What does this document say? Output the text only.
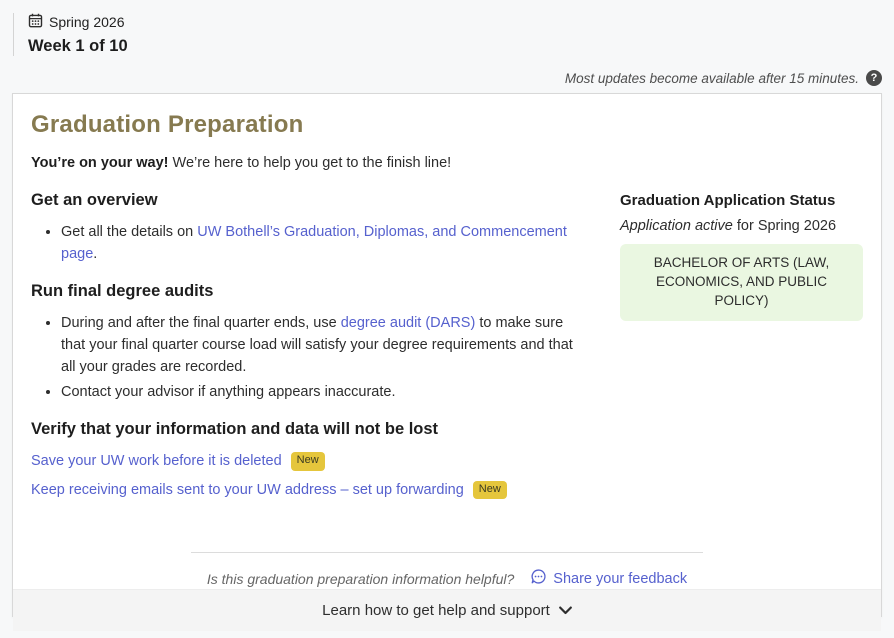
Spring 2026
Week 1 of 10
Most updates become available after 15 minutes.	?
Graduation Preparation

You’re on your way! We’re here to help you get to the finish line!

Get an overview
• Get all the details on UW Bothell’s Graduation, Diplomas, and Commencement page.
Run final degree audits
• During and after the final quarter ends, use degree audit (DARS) to make sure that your final quarter course load will satisfy your degree requirements and that all your grades are recorded.
• Contact your advisor if anything appears inaccurate.
Verify that your information and data will not be lost
Save your UW work before it is deleted	New
Keep receiving emails sent to your UW address – set up forwarding	New
Graduation Application Status

Application active for Spring 2026

BACHELOR OF ARTS (LAW, ECONOMICS, AND PUBLIC POLICY)
Is this graduation preparation information helpful?	Share your feedback
Learn how to get help and support
